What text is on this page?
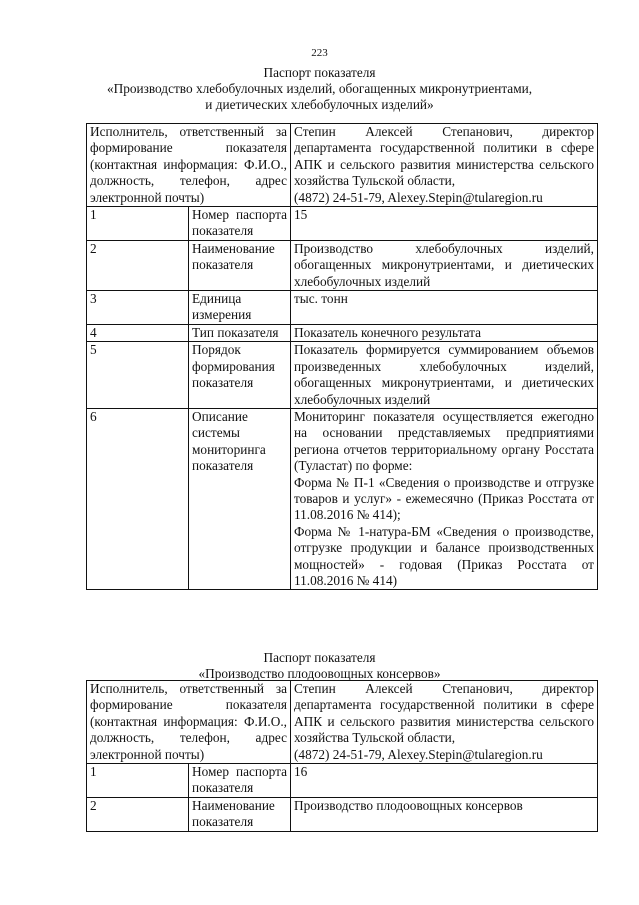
223
Паспорт показателя
«Производство хлебобулочных изделий, обогащенных микронутриентами,
и диетических хлебобулочных изделий»
Исполнитель, ответственный за формирование показателя (контактная информация: Ф.И.О., должность, телефон, адрес электронной почты)		Степин Алексей Степанович, директор департамента государственной политики в сфере АПК и сельского развития министерства сельского хозяйства Тульской области,
(4872) 24-51-79, Alexey.Stepin@tularegion.ru

1	Номер паспорта показателя	15
2	Наименование показателя	Производство хлебобулочных изделий, обогащенных микронутриентами, и диетических хлебобулочных изделий
3	Единица измерения	тыс. тонн
4	Тип показателя	Показатель конечного результата
5	Порядок формирования показателя	Показатель формируется суммированием объемов произведенных хлебобулочных изделий, обогащенных микронутриентами, и диетических хлебобулочных изделий
6	Описание системы мониторинга показателя	Мониторинг показателя осуществляется ежегодно на основании представляемых предприятиями региона отчетов территориальному органу Росстата (Туластат) по форме:
Форма № П-1 «Сведения о производстве и отгрузке товаров и услуг» - ежемесячно (Приказ Росстата от 11.08.2016 № 414);
Форма № 1-натура-БМ «Сведения о производстве, отгрузке продукции и балансе производственных мощностей» - годовая (Приказ Росстата от 11.08.2016 № 414)
Паспорт показателя
«Производство плодоовощных консервов»
Исполнитель, ответственный за формирование показателя (контактная информация: Ф.И.О., должность, телефон, адрес электронной почты)		Степин Алексей Степанович, директор департамента государственной политики в сфере АПК и сельского развития министерства сельского хозяйства Тульской области,
(4872) 24-51-79, Alexey.Stepin@tularegion.ru

1	Номер паспорта показателя	16
2	Наименование показателя	Производство плодоовощных консервов
